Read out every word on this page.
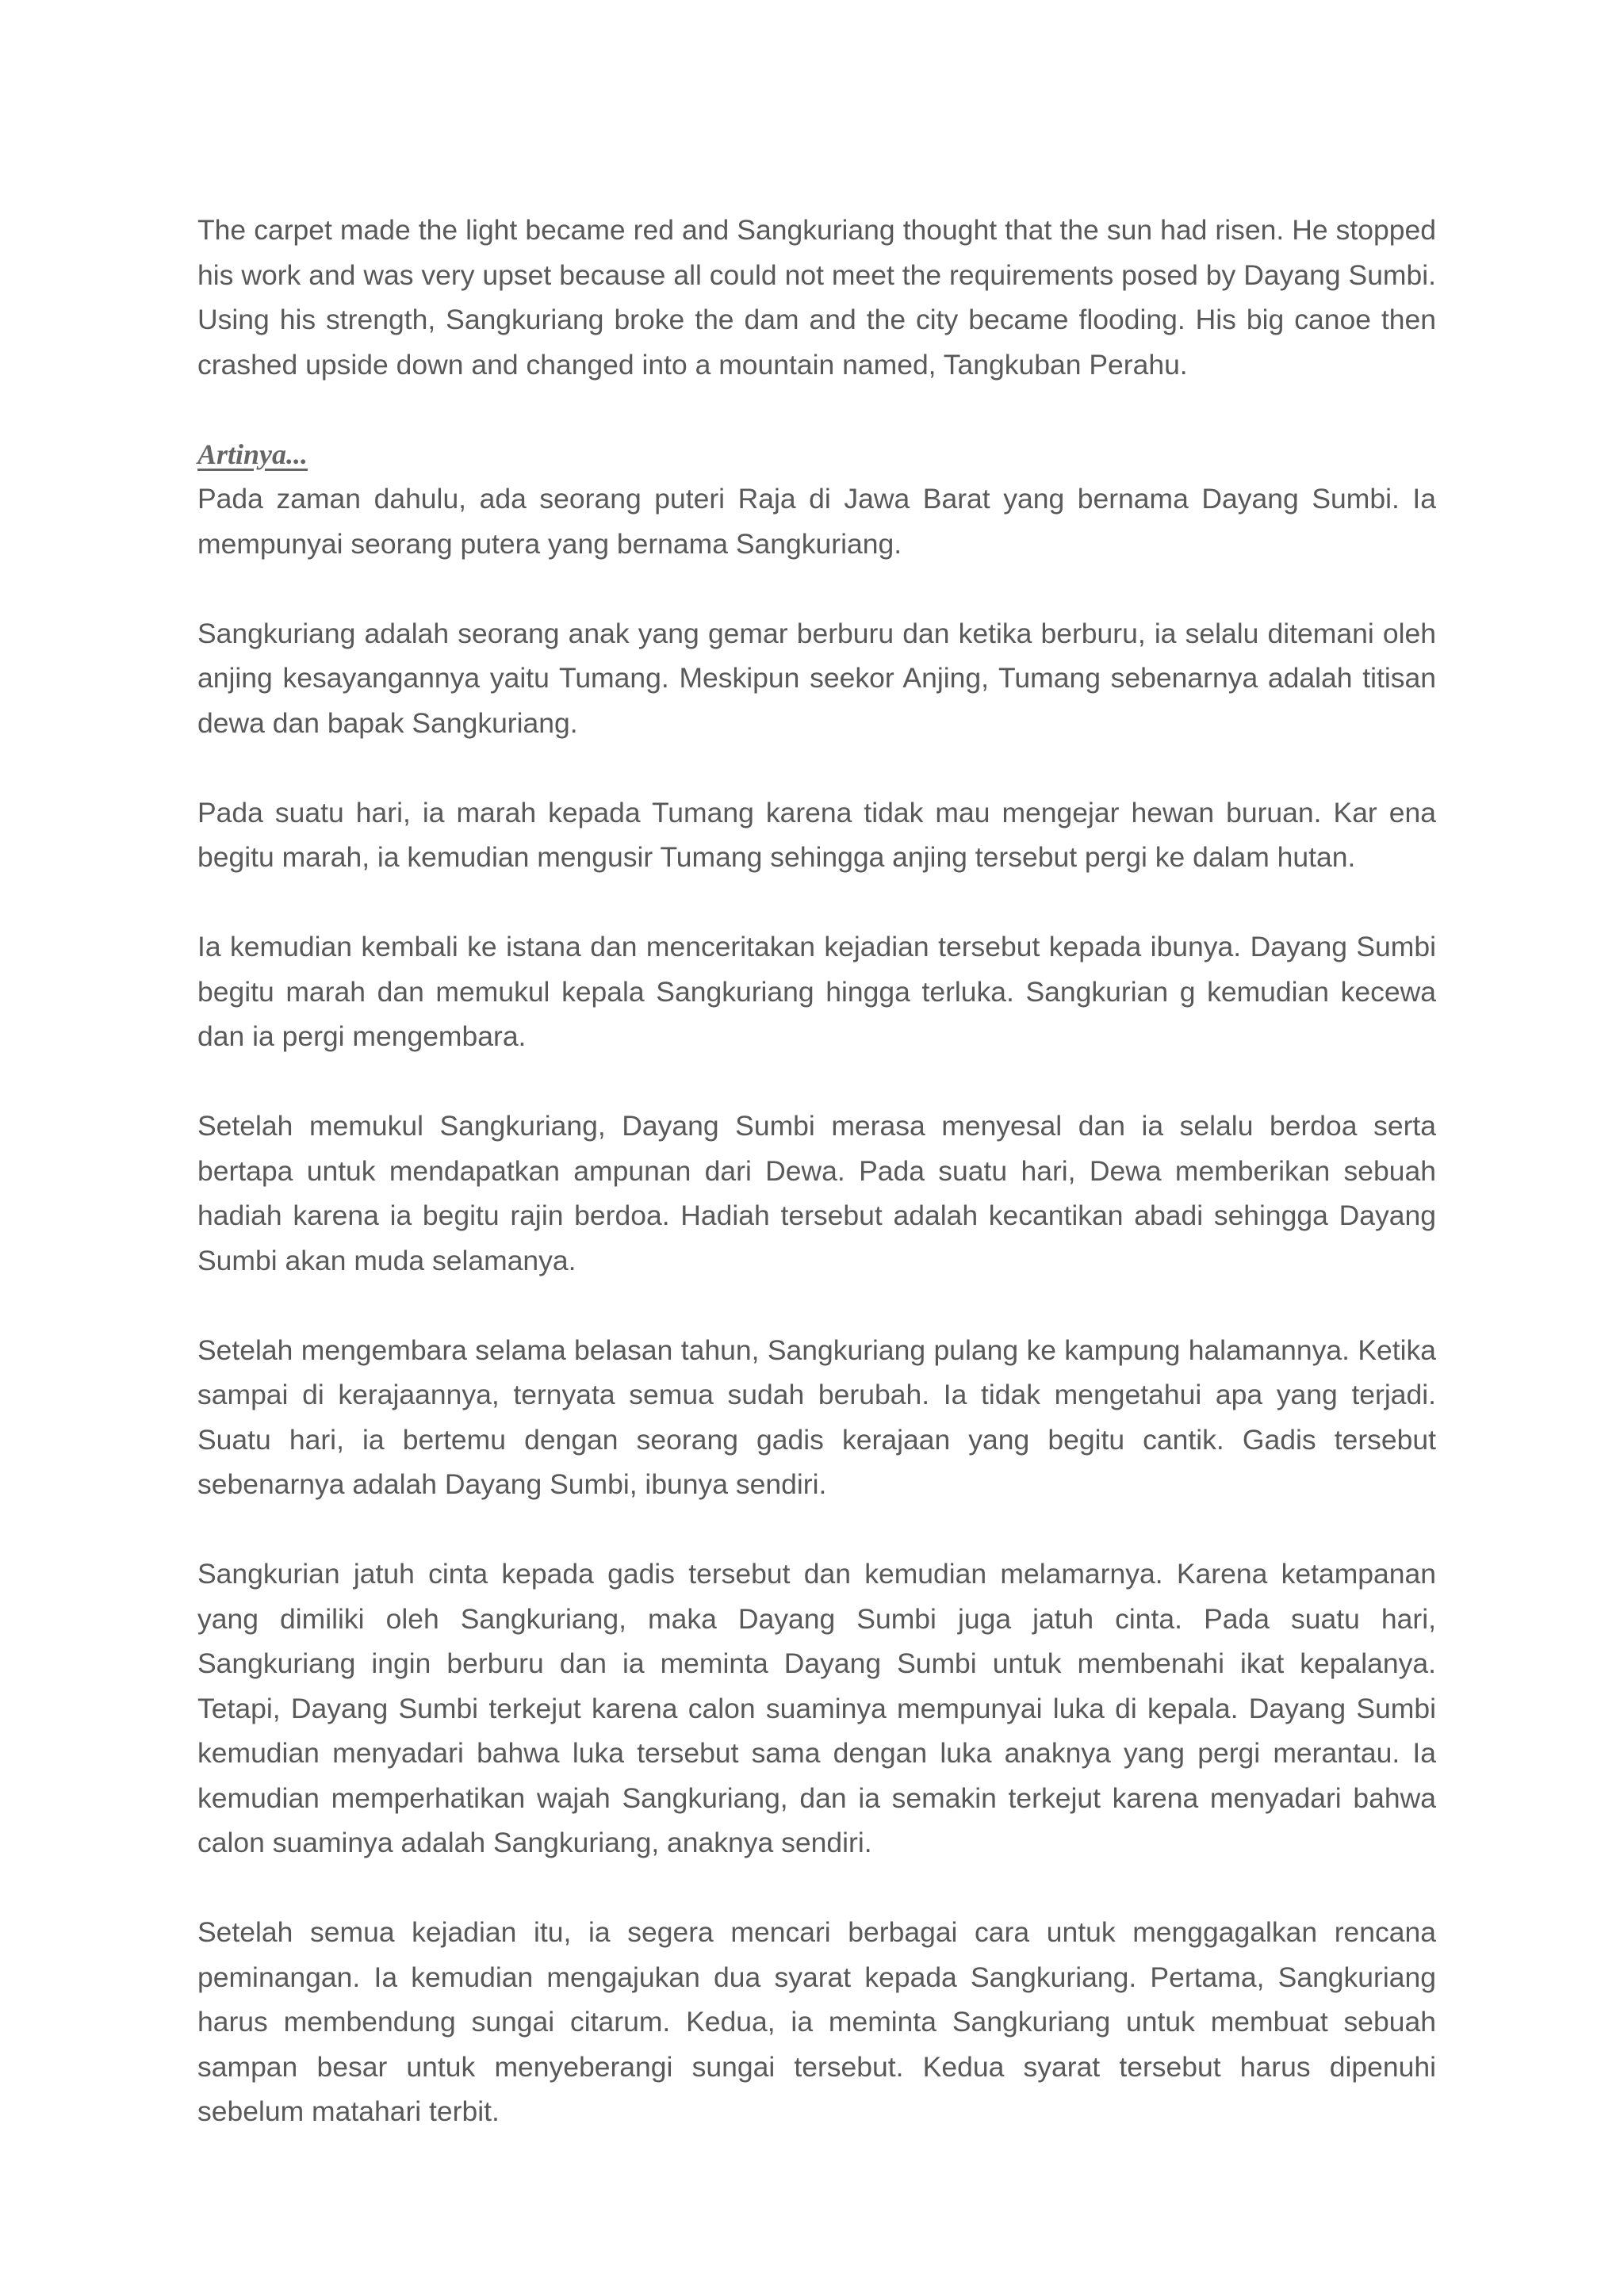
The carpet made the light became red and Sangkuriang thought that the sun had risen. He stopped his work and was very upset because all could not meet the requirements posed by Dayang Sumbi. Using his strength, Sangkuriang broke the dam and the city became flooding. His big canoe then crashed upside down and changed into a mountain named, Tangkuban Perahu.

Artinya...

Pada zaman dahulu, ada seorang puteri Raja di Jawa Barat yang bernama Dayang Sumbi. Ia mempunyai seorang putera yang bernama Sangkuriang.

Sangkuriang adalah seorang anak yang gemar berburu dan ketika berburu, ia selalu ditemani oleh anjing kesayangannya yaitu Tumang. Meskipun seekor Anjing, Tumang sebenarnya adalah titisan dewa dan bapak Sangkuriang.

Pada suatu hari, ia marah kepada Tumang karena tidak mau mengejar hewan buruan. Kar ena begitu marah, ia kemudian mengusir Tumang sehingga anjing tersebut pergi ke dalam hutan.

Ia kemudian kembali ke istana dan menceritakan kejadian tersebut kepada ibunya. Dayang Sumbi begitu marah dan memukul kepala Sangkuriang hingga terluka. Sangkurian g kemudian kecewa dan ia pergi mengembara.

Setelah memukul Sangkuriang, Dayang Sumbi merasa menyesal dan ia selalu berdoa serta bertapa untuk mendapatkan ampunan dari Dewa. Pada suatu hari, Dewa memberikan sebuah hadiah karena ia begitu rajin berdoa. Hadiah tersebut adalah kecantikan abadi sehingga Dayang Sumbi akan muda selamanya.

Setelah mengembara selama belasan tahun, Sangkuriang pulang ke kampung halamannya. Ketika sampai di kerajaannya, ternyata semua sudah berubah. Ia tidak mengetahui apa yang terjadi. Suatu hari, ia bertemu dengan seorang gadis kerajaan yang begitu cantik. Gadis tersebut sebenarnya adalah Dayang Sumbi, ibunya sendiri.

Sangkurian jatuh cinta kepada gadis tersebut dan kemudian melamarnya. Karena ketampanan yang dimiliki oleh Sangkuriang, maka Dayang Sumbi juga jatuh cinta. Pada suatu hari, Sangkuriang ingin berburu dan ia meminta Dayang Sumbi untuk membenahi ikat kepalanya. Tetapi, Dayang Sumbi terkejut karena calon suaminya mempunyai luka di kepala. Dayang Sumbi kemudian menyadari bahwa luka tersebut sama dengan luka anaknya yang pergi merantau. Ia kemudian memperhatikan wajah Sangkuriang, dan ia semakin terkejut karena menyadari bahwa calon suaminya adalah Sangkuriang, anaknya sendiri.

Setelah semua kejadian itu, ia segera mencari berbagai cara untuk menggagalkan rencana peminangan. Ia kemudian mengajukan dua syarat kepada Sangkuriang. Pertama, Sangkuriang harus membendung sungai citarum. Kedua, ia meminta Sangkuriang untuk membuat sebuah sampan besar untuk menyeberangi sungai tersebut. Kedua syarat tersebut harus dipenuhi sebelum matahari terbit.
